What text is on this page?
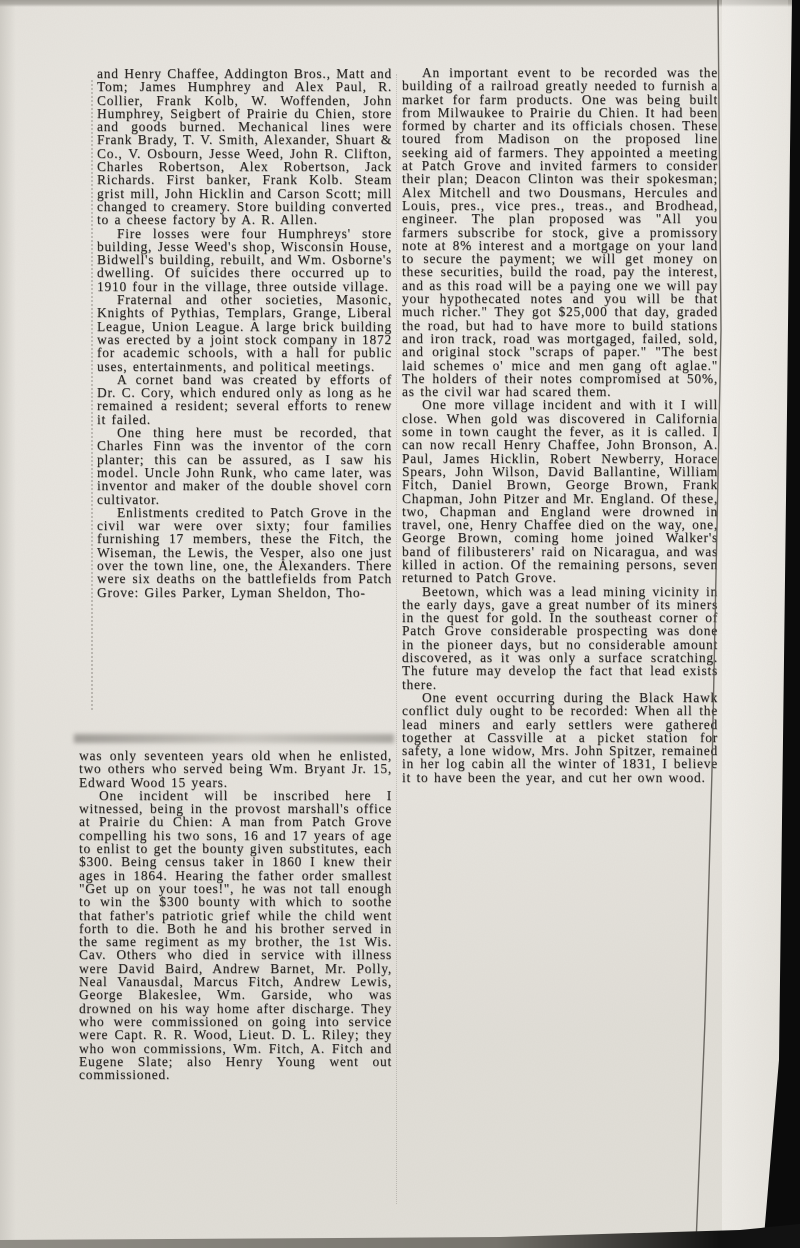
and Henry Chaffee, Addington Bros., Matt and Tom; James Humphrey and Alex Paul, R. Collier, Frank Kolb, W. Woffenden, John Humphrey, Seigbert of Prairie du Chien, store and goods burned. Mechanical lines were Frank Brady, T. V. Smith, Alexander, Shuart & Co., V. Osbourn, Jesse Weed, John R. Clifton, Charles Robertson, Alex Robertson, Jack Richards. First banker, Frank Kolb. Steam grist mill, John Hicklin and Carson Scott; mill changed to creamery. Store building converted to a cheese factory by A. R. Allen.

Fire losses were four Humphreys' store building, Jesse Weed's shop, Wisconsin House, Bidwell's building, rebuilt, and Wm. Osborne's dwelling. Of suicides there occurred up to 1910 four in the village, three outside village.

Fraternal and other societies, Masonic, Knights of Pythias, Templars, Grange, Liberal League, Union League. A large brick building was erected by a joint stock company in 1872 for academic schools, with a hall for public uses, entertainments, and political meetings.

A cornet band was created by efforts of Dr. C. Cory, which endured only as long as he remained a resident; several efforts to renew it failed.

One thing here must be recorded, that Charles Finn was the inventor of the corn planter; this can be assured, as I saw his model. Uncle John Runk, who came later, was inventor and maker of the double shovel corn cultivator.

Enlistments credited to Patch Grove in the civil war were over sixty; four families furnishing 17 members, these the Fitch, the Wiseman, the Lewis, the Vesper, also one just over the town line, one, the Alexanders. There were six deaths on the battlefields from Patch Grove: Giles Parker, Lyman Sheldon, Tho-

was only seventeen years old when he enlisted, two others who served being Wm. Bryant Jr. 15, Edward Wood 15 years.

One incident will be inscribed here I witnessed, being in the provost marshall's office at Prairie du Chien: A man from Patch Grove compelling his two sons, 16 and 17 years of age to enlist to get the bounty given substitutes, each $300. Being census taker in 1860 I knew their ages in 1864. Hearing the father order smallest "Get up on your toes!", he was not tall enough to win the $300 bounty with which to soothe that father's patriotic grief while the child went forth to die. Both he and his brother served in the same regiment as my brother, the 1st Wis. Cav. Others who died in service with illness were David Baird, Andrew Barnet, Mr. Polly, Neal Vanausdal, Marcus Fitch, Andrew Lewis, George Blakeslee, Wm. Garside, who was drowned on his way home after discharge. They who were commissioned on going into service were Capt. R. R. Wood, Lieut. D. L. Riley; they who won commissions, Wm. Fitch, A. Fitch and Eugene Slate; also Henry Young went out commissioned.

An important event to be recorded was the building of a railroad greatly needed to furnish a market for farm products. One was being built from Milwaukee to Prairie du Chien. It had been formed by charter and its officials chosen. These toured from Madison on the proposed line seeking aid of farmers. They appointed a meeting at Patch Grove and invited farmers to consider their plan; Deacon Clinton was their spokesman; Alex Mitchell and two Dousmans, Hercules and Louis, pres., vice pres., treas., and Brodhead, engineer. The plan proposed was "All you farmers subscribe for stock, give a promissory note at 8% interest and a mortgage on your land to secure the payment; we will get money on these securities, build the road, pay the interest, and as this road will be a paying one we will pay your hypothecated notes and you will be that much richer." They got $25,000 that day, graded the road, but had to have more to build stations and iron track, road was mortgaged, failed, sold, and original stock "scraps of paper." "The best laid schemes o' mice and men gang oft aglae." The holders of their notes compromised at 50%, as the civil war had scared them.

One more village incident and with it I will close. When gold was discovered in California some in town caught the fever, as it is called. I can now recall Henry Chaffee, John Bronson, A. Paul, James Hicklin, Robert Newberry, Horace Spears, John Wilson, David Ballantine, William Fitch, Daniel Brown, George Brown, Frank Chapman, John Pitzer and Mr. England. Of these, two, Chapman and England were drowned in travel, one, Henry Chaffee died on the way, one, George Brown, coming home joined Walker's band of filibusterers' raid on Nicaragua, and was killed in action. Of the remaining persons, seven returned to Patch Grove.

Beetown, which was a lead mining vicinity in the early days, gave a great number of its miners in the quest for gold. In the southeast corner of Patch Grove considerable prospecting was done in the pioneer days, but no considerable amount discovered, as it was only a surface scratching. The future may develop the fact that lead exists there.

One event occurring during the Black Hawk conflict duly ought to be recorded: When all the lead miners and early settlers were gathered together at Cassville at a picket station for safety, a lone widow, Mrs. John Spitzer, remained in her log cabin all the winter of 1831, I believe it to have been the year, and cut her own wood.
